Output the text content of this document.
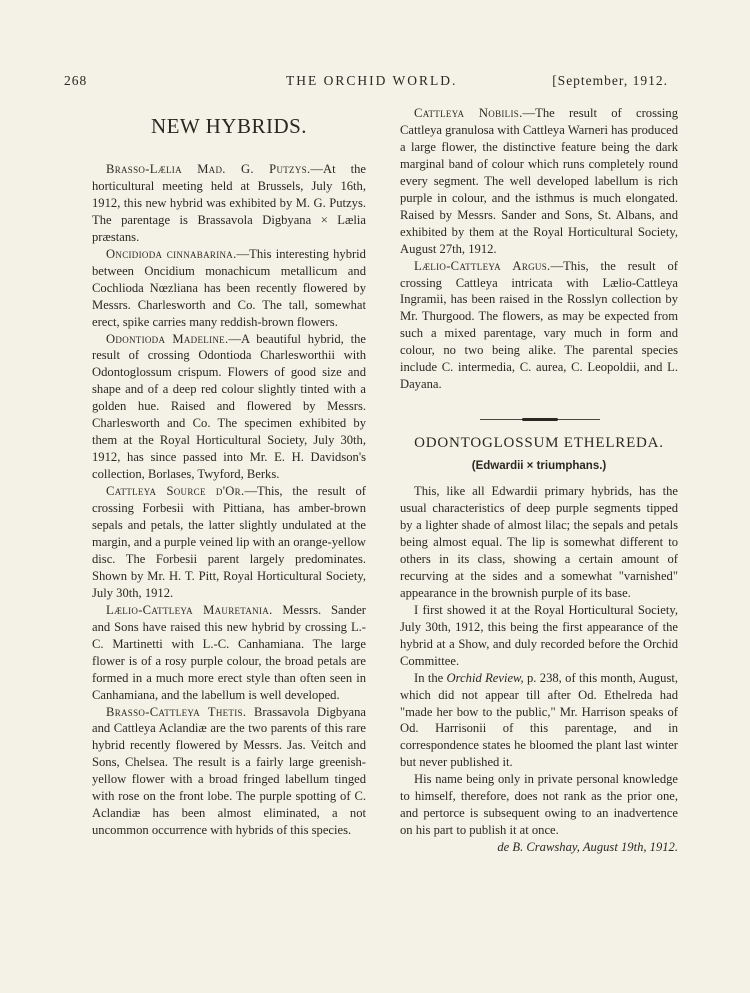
268	THE ORCHID WORLD.	[September, 1912.
NEW HYBRIDS.

Brasso-Lælia Mad. G. Putzys.—At the horticultural meeting held at Brussels, July 16th, 1912, this new hybrid was exhibited by M. G. Putzys. The parentage is Brassavola Digbyana × Lælia præstans.

Oncidioda cinnabarina.—This interesting hybrid between Oncidium monachicum metallicum and Cochlioda Nœzliana has been recently flowered by Messrs. Charlesworth and Co. The tall, somewhat erect, spike carries many reddish-brown flowers.

Odontioda Madeline.—A beautiful hybrid, the result of crossing Odontioda Charlesworthii with Odontoglossum crispum. Flowers of good size and shape and of a deep red colour slightly tinted with a golden hue. Raised and flowered by Messrs. Charlesworth and Co. The specimen exhibited by them at the Royal Horticultural Society, July 30th, 1912, has since passed into Mr. E. H. Davidson's collection, Borlases, Twyford, Berks.

Cattleya Source d'Or.—This, the result of crossing Forbesii with Pittiana, has amber-brown sepals and petals, the latter slightly undulated at the margin, and a purple veined lip with an orange-yellow disc. The Forbesii parent largely predominates. Shown by Mr. H. T. Pitt, Royal Horticultural Society, July 30th, 1912.

Lælio-Cattleya Mauretania. Messrs. Sander and Sons have raised this new hybrid by crossing L.-C. Martinetti with L.-C. Canhamiana. The large flower is of a rosy purple colour, the broad petals are formed in a much more erect style than often seen in Canhamiana, and the labellum is well developed.

Brasso-Cattleya Thetis. Brassavola Digbyana and Cattleya Aclandiæ are the two parents of this rare hybrid recently flowered by Messrs. Jas. Veitch and Sons, Chelsea. The result is a fairly large greenish-yellow flower with a broad fringed labellum tinged with rose on the front lobe. The purple spotting of C. Aclandiæ has been almost eliminated, a not uncommon occurrence with hybrids of this species.

Cattleya Nobilis.—The result of crossing Cattleya granulosa with Cattleya Warneri has produced a large flower, the distinctive feature being the dark marginal band of colour which runs completely round every segment. The well developed labellum is rich purple in colour, and the isthmus is much elongated. Raised by Messrs. Sander and Sons, St. Albans, and exhibited by them at the Royal Horticultural Society, August 27th, 1912.

Lælio-Cattleya Argus.—This, the result of crossing Cattleya intricata with Lælio-Cattleya Ingramii, has been raised in the Rosslyn collection by Mr. Thurgood. The flowers, as may be expected from such a mixed parentage, vary much in form and colour, no two being alike. The parental species include C. intermedia, C. aurea, C. Leopoldii, and L. Dayana.

ODONTOGLOSSUM ETHELREDA.
(Edwardii × triumphans.)

This, like all Edwardii primary hybrids, has the usual characteristics of deep purple segments tipped by a lighter shade of almost lilac; the sepals and petals being almost equal. The lip is somewhat different to others in its class, showing a certain amount of recurving at the sides and a somewhat "varnished" appearance in the brownish purple of its base.

I first showed it at the Royal Horticultural Society, July 30th, 1912, this being the first appearance of the hybrid at a Show, and duly recorded before the Orchid Committee.

In the Orchid Review, p. 238, of this month, August, which did not appear till after Od. Ethelreda had "made her bow to the public," Mr. Harrison speaks of Od. Harrisonii of this parentage, and in correspondence states he bloomed the plant last winter but never published it.

His name being only in private personal knowledge to himself, therefore, does not rank as the prior one, and pertorce is subsequent owing to an inadvertence on his part to publish it at once.

de B. Crawshay, August 19th, 1912.
